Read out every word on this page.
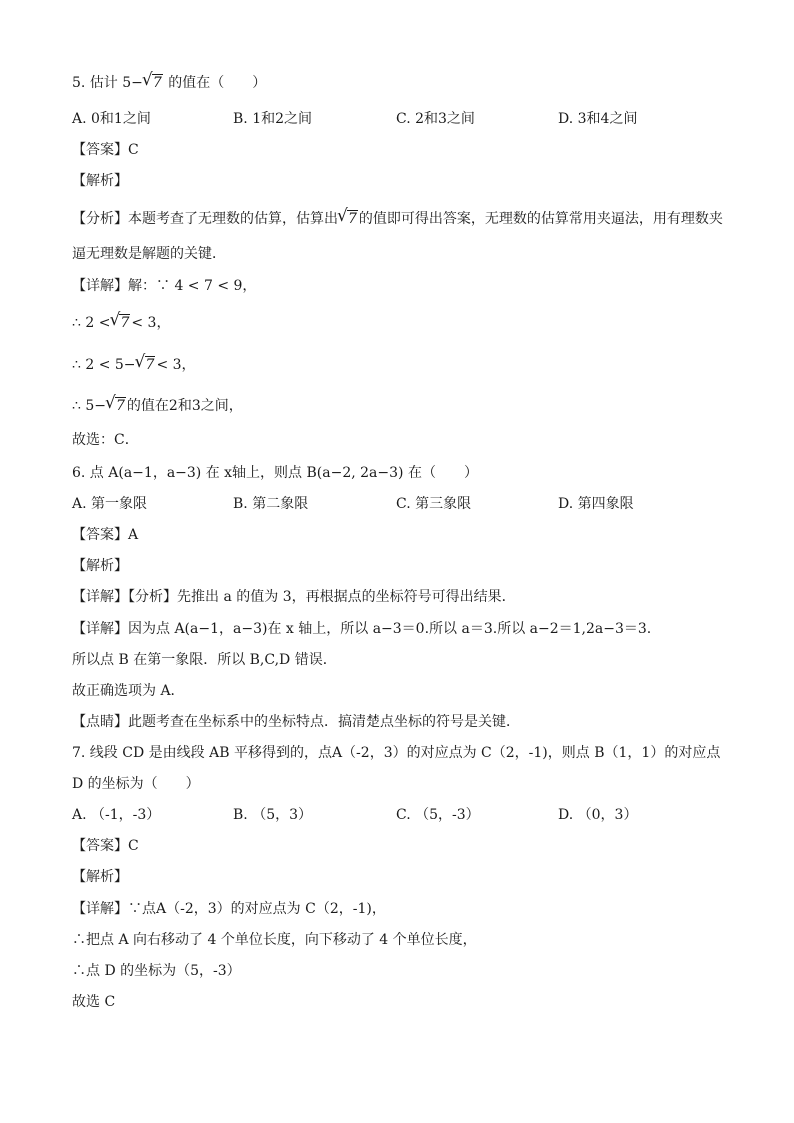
5. 估计 5− √ 7 的值在（　　）
A. 0和1之间	B. 1和2之间	C. 2和3之间	D. 3和4之间
【答案】C
【解析】
【分析】本题考查了无理数的估算，估算出 √ 7 的值即可得出答案，无理数的估算常用夹逼法，用有理数夹
逼无理数是解题的关键．
【详解】解：∵ 4 < 7 < 9，
∴ 2 < √ 7 < 3，
∴ 2 < 5− √ 7 < 3，
∴ 5− √ 7 的值在2和3之间，
故选：C．
6. 点 A(a−1，a−3) 在 x轴上，则点 B(a−2, 2a−3) 在（　　）
A. 第一象限	B. 第二象限	C. 第三象限	D. 第四象限
【答案】A
【解析】
【详解】【分析】先推出 a 的值为 3，再根据点的坐标符号可得出结果．
【详解】因为点 A(a−1，a−3)在 x 轴上，所以 a−3＝0.所以 a＝3.所以 a−2＝1,2a−3＝3.
所以点 B 在第一象限．所以 B,C,D 错误．
故正确选项为 A．
【点睛】此题考查在坐标系中的坐标特点．搞清楚点坐标的符号是关键．
7. 线段 CD 是由线段 AB 平移得到的，点A（-2，3）的对应点为 C（2，-1)，则点 B（1，1）的对应点
D 的坐标为（　　）
A. （-1，-3）	B. （5，3）	C. （5，-3）	D. （0，3）
【答案】C
【解析】
【详解】∵点A（-2，3）的对应点为 C（2，-1)，
∴把点 A 向右移动了 4 个单位长度，向下移动了 4 个单位长度，
∴点 D 的坐标为（5，-3）
故选 C
